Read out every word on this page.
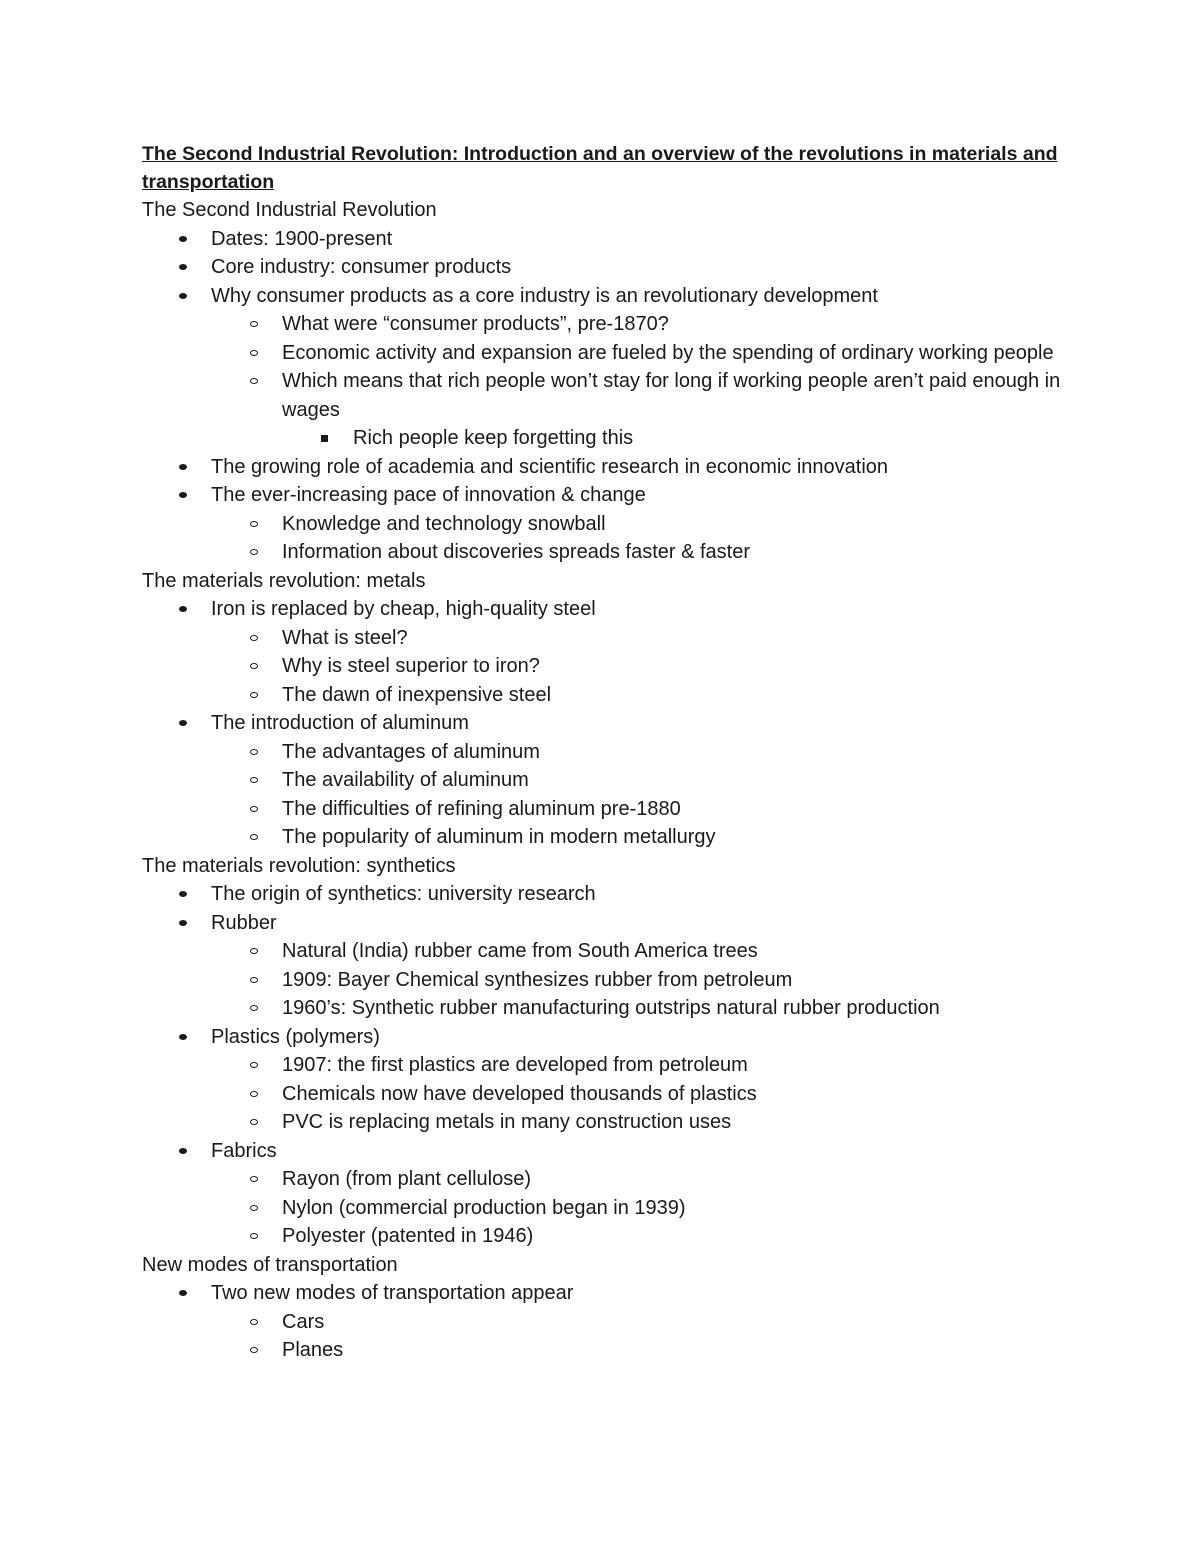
The Second Industrial Revolution: Introduction and an overview of the revolutions in materials and transportation

The Second Industrial Revolution

Dates: 1900-present
Core industry: consumer products
Why consumer products as a core industry is an revolutionary development
What were “consumer products”, pre-1870?
Economic activity and expansion are fueled by the spending of ordinary working people
Which means that rich people won’t stay for long if working people aren’t paid enough in wages
Rich people keep forgetting this
The growing role of academia and scientific research in economic innovation
The ever-increasing pace of innovation & change
Knowledge and technology snowball
Information about discoveries spreads faster & faster

The materials revolution: metals

Iron is replaced by cheap, high-quality steel
What is steel?
Why is steel superior to iron?
The dawn of inexpensive steel
The introduction of aluminum
The advantages of aluminum
The availability of aluminum
The difficulties of refining aluminum pre-1880
The popularity of aluminum in modern metallurgy

The materials revolution: synthetics

The origin of synthetics: university research
Rubber
Natural (India) rubber came from South America trees
1909: Bayer Chemical synthesizes rubber from petroleum
1960’s: Synthetic rubber manufacturing outstrips natural rubber production
Plastics (polymers)
1907: the first plastics are developed from petroleum
Chemicals now have developed thousands of plastics
PVC is replacing metals in many construction uses
Fabrics
Rayon (from plant cellulose)
Nylon (commercial production began in 1939)
Polyester (patented in 1946)

New modes of transportation

Two new modes of transportation appear
Cars
Planes
